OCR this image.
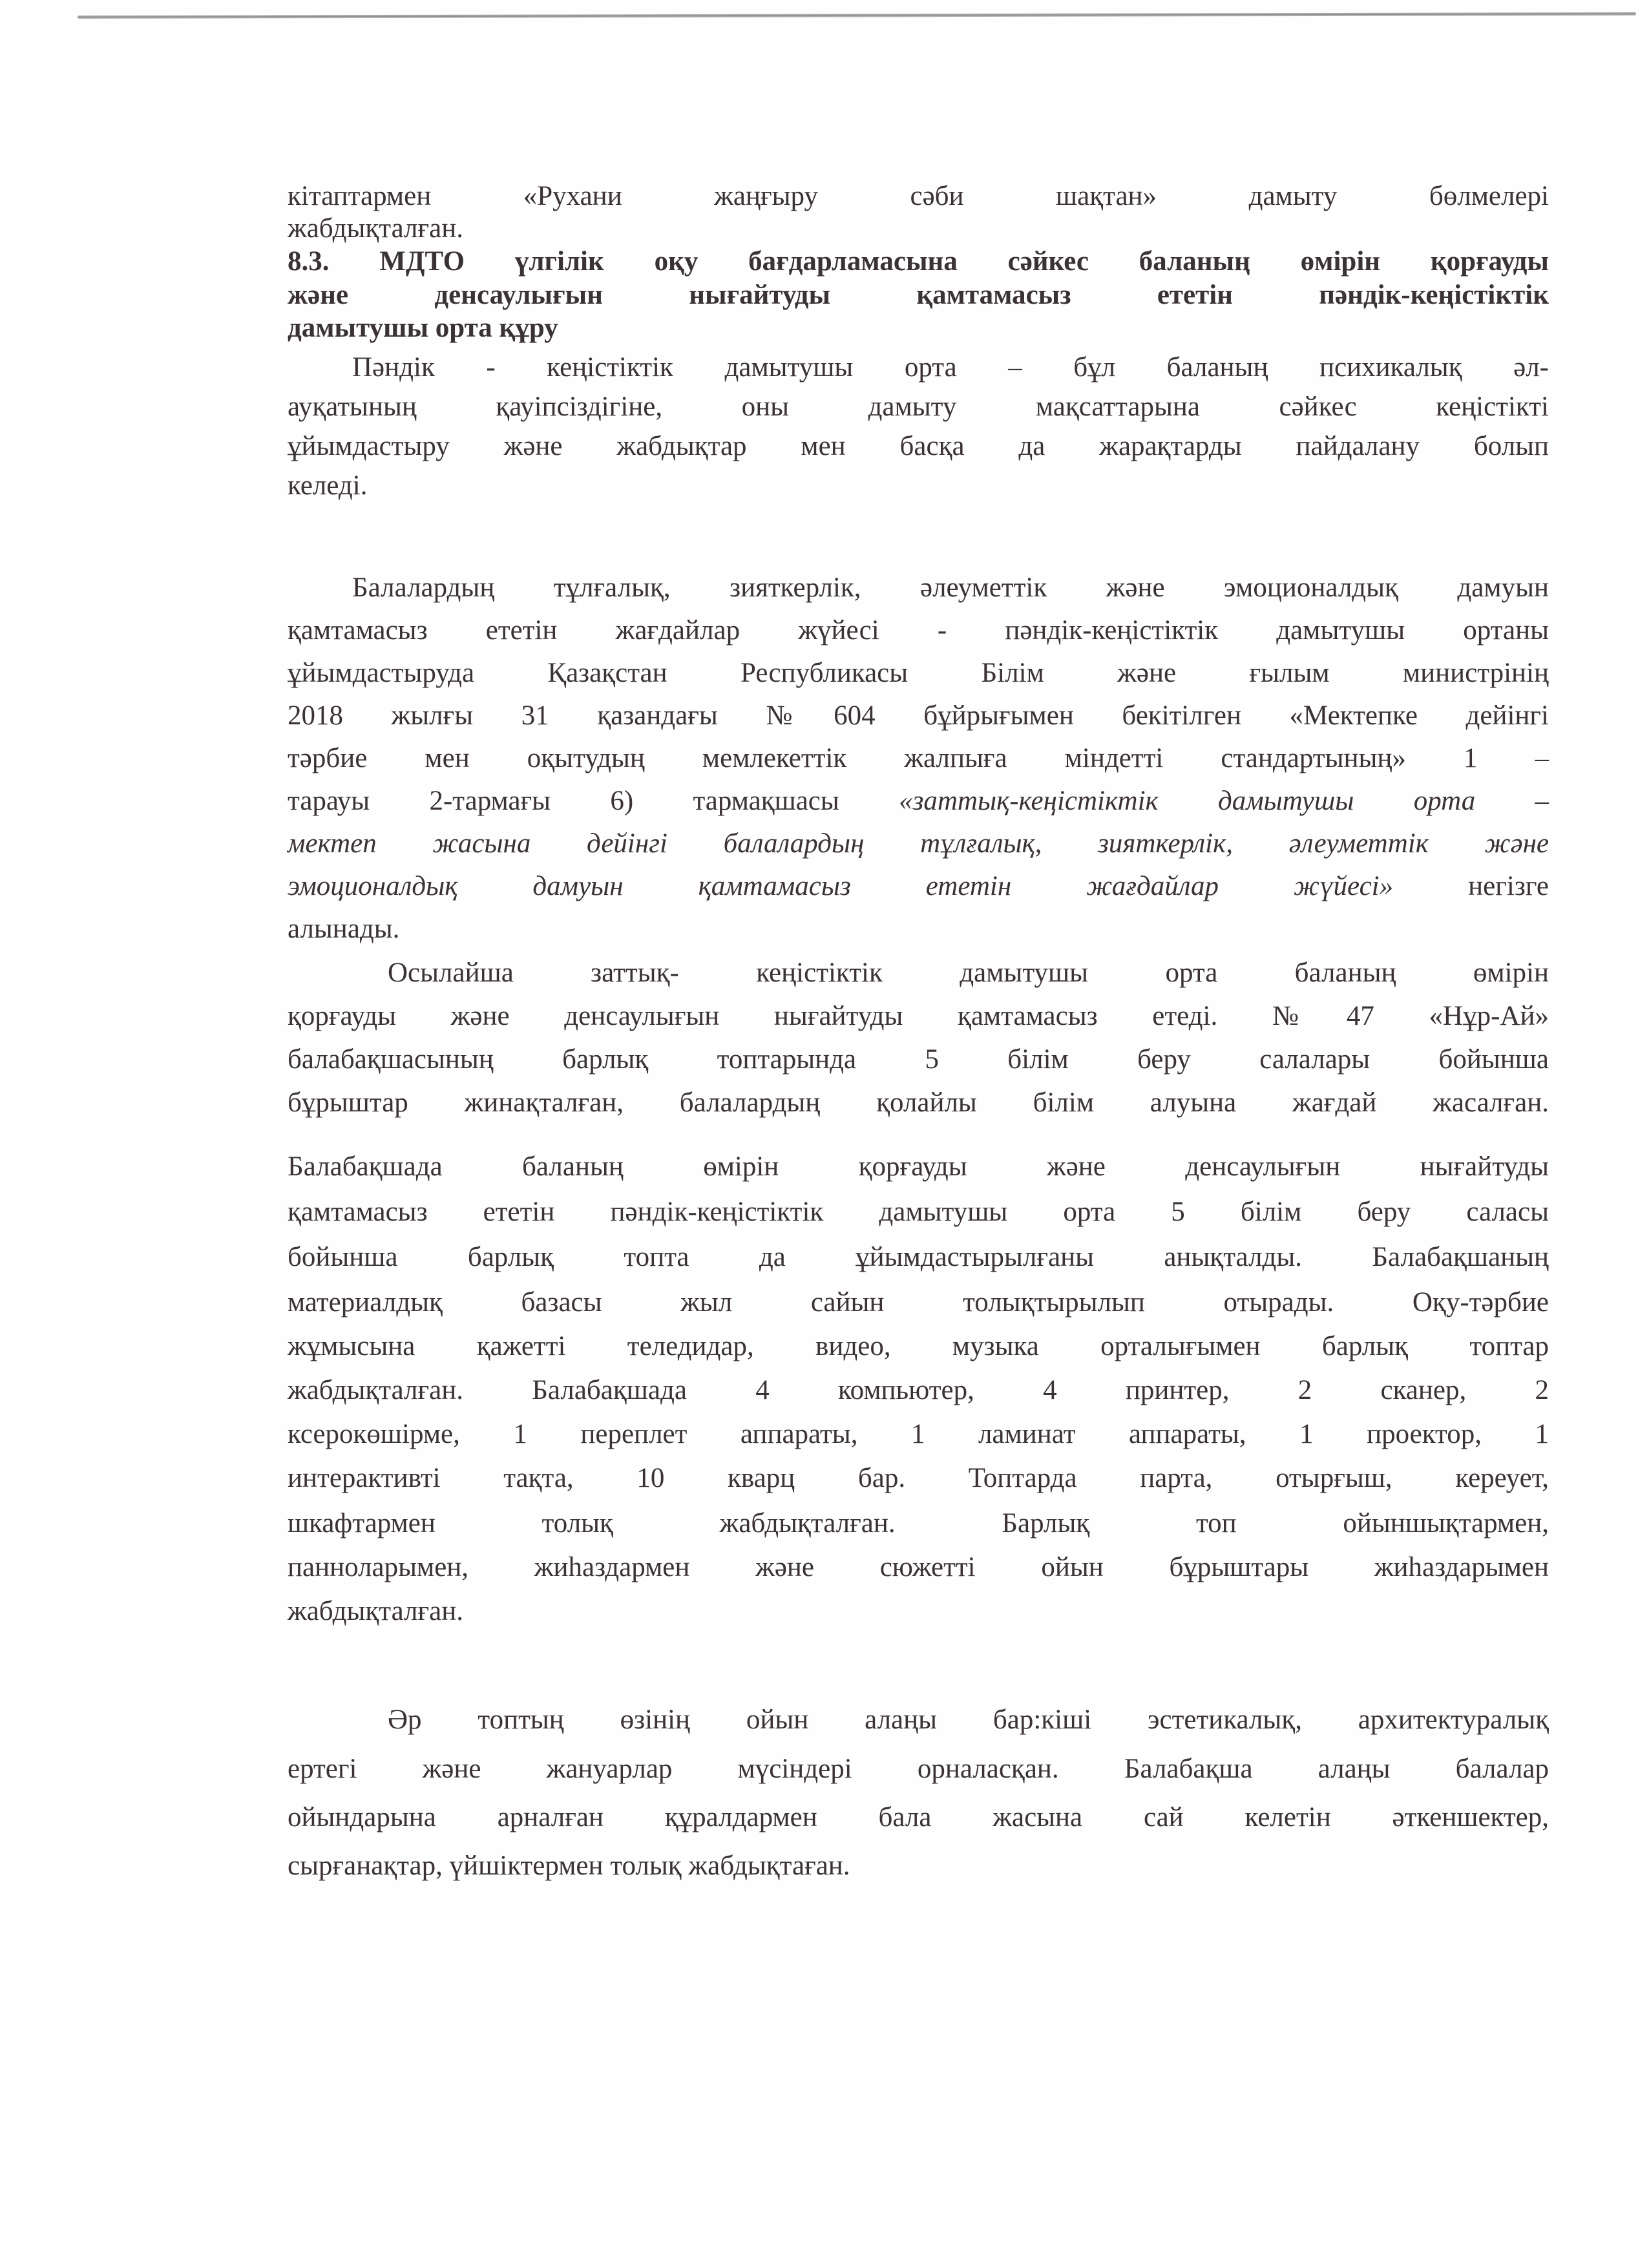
кітаптармен «Рухани жаңғыру сәби шақтан» дамыту бөлмелері
жабдықталған.
8.3. МДТО үлгілік оқу бағдарламасына сәйкес баланың өмірін қорғауды
және денсаулығын нығайтуды қамтамасыз ететін пәндік-кеңістіктік
дамытушы орта құру
Пәндік - кеңістіктік дамытушы орта – бұл баланың психикалық әл-
ауқатының қауіпсіздігіне, оны дамыту мақсаттарына сәйкес кеңістікті
ұйымдастыру және жабдықтар мен басқа да жарақтарды пайдалану болып
келеді.
Балалардың тұлғалық, зияткерлік, әлеуметтік және эмоционалдық дамуын
қамтамасыз ететін жағдайлар жүйесі - пәндік-кеңістіктік дамытушы ортаны
ұйымдастыруда Қазақстан Республикасы Білім және ғылым министрінің
2018 жылғы 31 қазандағы №604 бұйрығымен бекітілген «Мектепке дейінгі
тәрбие мен оқытудың мемлекеттік жалпыға міндетті стандартының» 1 –
тарауы 2-тармағы 6) тармақшасы «заттық-кеңістіктік дамытушы орта –
мектеп жасына дейінгі балалардың тұлғалық, зияткерлік, әлеуметтік және
эмоционалдық дамуын қамтамасыз ететін жағдайлар жүйесі» негізге
алынады.
Осылайша заттық- кеңістіктік дамытушы орта баланың өмірін
қорғауды және денсаулығын нығайтуды қамтамасыз етеді. №47 «Нұр-Ай»
балабақшасының барлық топтарында 5 білім беру салалары бойынша
бұрыштар жинақталған, балалардың қолайлы білім алуына жағдай жасалған.
Балабақшада баланың өмірін қорғауды және денсаулығын нығайтуды
қамтамасыз ететін пәндік-кеңістіктік дамытушы орта 5 білім беру саласы
бойынша барлық топта да ұйымдастырылғаны анықталды. Балабақшаның
материалдық базасы жыл сайын толықтырылып отырады. Оқу-тәрбие
жұмысына қажетті теледидар, видео, музыка орталығымен барлық топтар
жабдықталған. Балабақшада 4 компьютер, 4 принтер, 2 сканер, 2
ксерокөшірме, 1 переплет аппараты, 1 ламинат аппараты, 1 проектор, 1
интерактивті тақта, 10 кварц бар. Топтарда парта, отырғыш, кереует,
шкафтармен толық жабдықталған. Барлық топ ойыншықтармен,
панноларымен, жиһаздармен және сюжетті ойын бұрыштары жиһаздарымен
жабдықталған.
Әр топтың өзінің ойын алаңы бар:кіші эстетикалық, архитектуралық
ертегі және жануарлар мүсіндері орналасқан. Балабақша алаңы балалар
ойындарына арналған құралдармен бала жасына сай келетін әткеншектер,
сырғанақтар, үйшіктермен толық жабдықтаған.
